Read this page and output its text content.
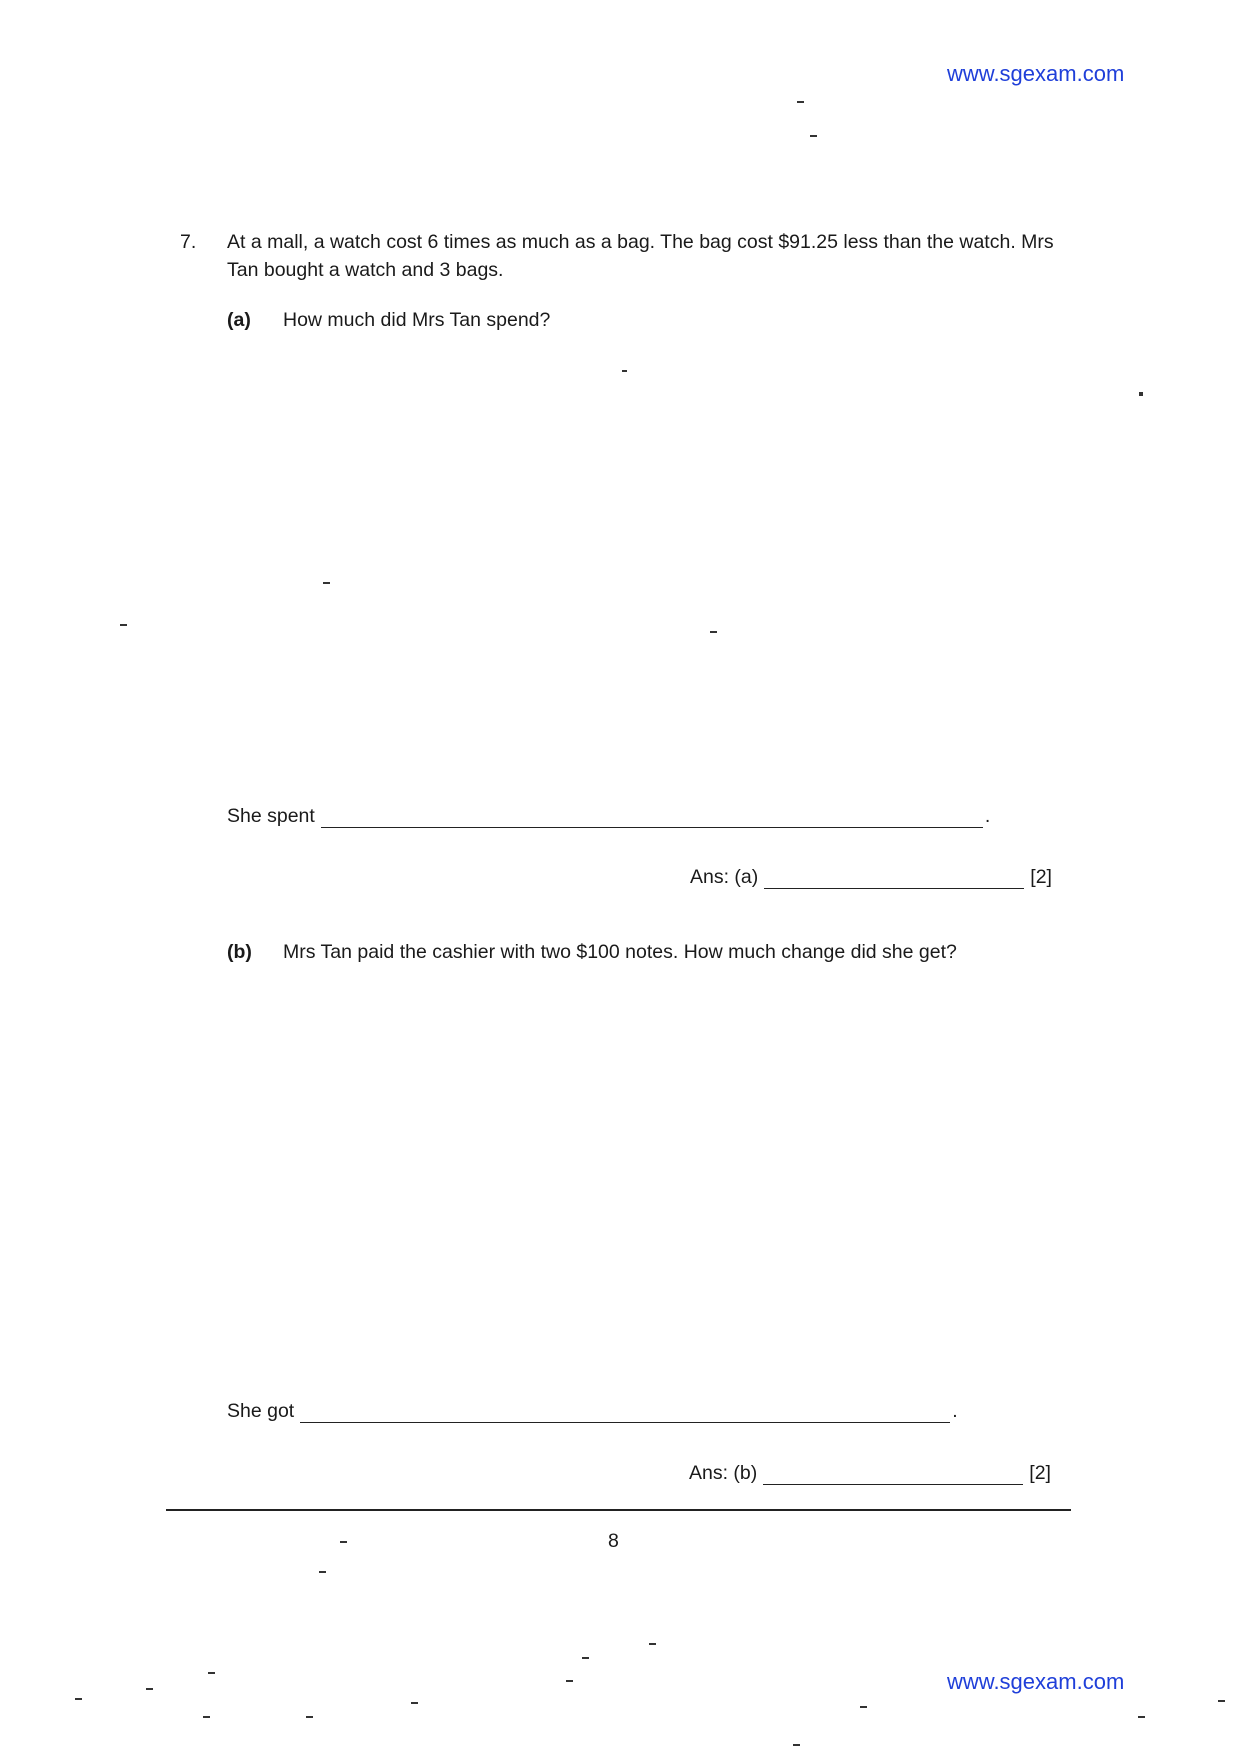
www.sgexam.com
7. At a mall, a watch cost 6 times as much as a bag. The bag cost $91.25 less than the watch. Mrs Tan bought a watch and 3 bags.
(a) How much did Mrs Tan spend?
She spent	.
Ans: (a)	[2]
(b) Mrs Tan paid the cashier with two $100 notes. How much change did she get?
She got	.
Ans: (b)	[2]
8
www.sgexam.com
